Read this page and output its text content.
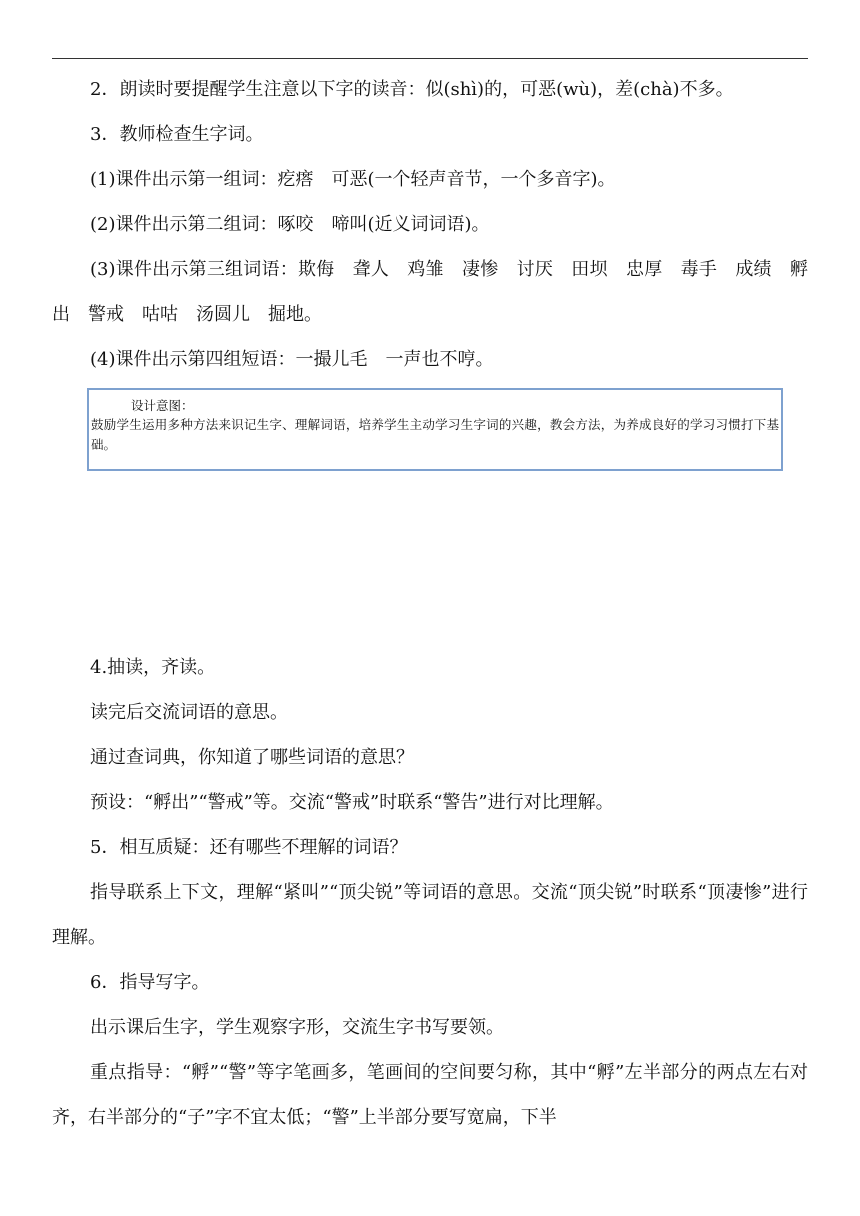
2．朗读时要提醒学生注意以下字的读音：似(shì)的，可恶(wù)，差(chà)不多。

3．教师检查生字词。

(1)课件出示第一组词：疙瘩　可恶(一个轻声音节，一个多音字)。

(2)课件出示第二组词：啄咬　啼叫(近义词词语)。

(3)课件出示第三组词语：欺侮　聋人　鸡雏　凄惨　讨厌　田坝　忠厚　毒手　成绩　孵出　警戒　咕咕　汤圆儿　掘地。

(4)课件出示第四组短语：一撮儿毛　一声也不哼。

设计意图：

鼓励学生运用多种方法来识记生字、理解词语，培养学生主动学习生字词的兴趣，教会方法，为养成良好的学习习惯打下基础。

4.抽读，齐读。

读完后交流词语的意思。

通过查词典，你知道了哪些词语的意思？

预设：“孵出”“警戒”等。交流“警戒”时联系“警告”进行对比理解。

5．相互质疑：还有哪些不理解的词语？

指导联系上下文，理解“紧叫”“顶尖锐”等词语的意思。交流“顶尖锐”时联系“顶凄惨”进行理解。

6．指导写字。

出示课后生字，学生观察字形，交流生字书写要领。

重点指导：“孵”“警”等字笔画多，笔画间的空间要匀称，其中“孵”左半部分的两点左右对齐，右半部分的“子”字不宜太低；“警”上半部分要写宽扁，下半
